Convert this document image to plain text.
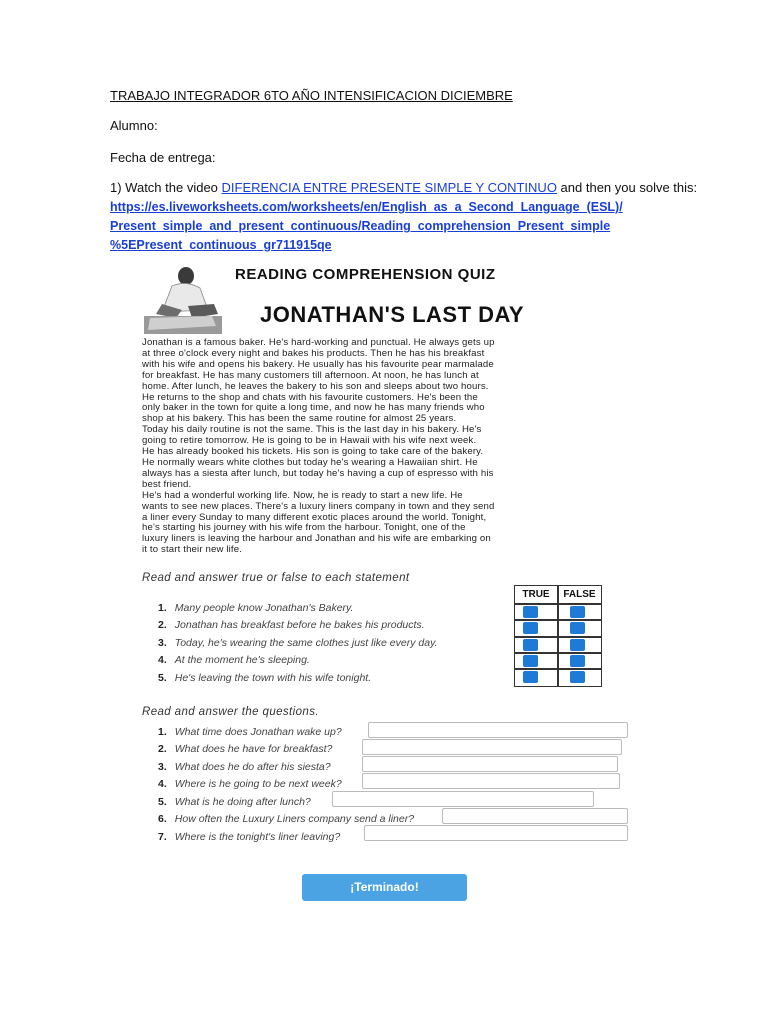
TRABAJO INTEGRADOR 6TO AÑO INTENSIFICACION DICIEMBRE
Alumno:
Fecha de entrega:
1) Watch the video DIFERENCIA ENTRE PRESENTE SIMPLE Y CONTINUO and then you solve this:
https://es.liveworksheets.com/worksheets/en/English_as_a_Second_Language_(ESL)/
Present_simple_and_present_continuous/Reading_comprehension_Present_simple
%5EPresent_continuous_gr711915qe
READING COMPREHENSION QUIZ
JONATHAN'S LAST DAY
Jonathan is a famous baker. He's hard-working and punctual. He always gets up
at three o'clock every night and bakes his products. Then he has his breakfast
with his wife and opens his bakery. He usually has his favourite pear marmalade
for breakfast. He has many customers till afternoon. At noon, he has lunch at
home. After lunch, he leaves the bakery to his son and sleeps about two hours.
He returns to the shop and chats with his favourite customers. He's been the
only baker in the town for quite a long time, and now he has many friends who
shop at his bakery. This has been the same routine for almost 25 years.
Today his daily routine is not the same. This is the last day in his bakery. He's
going to retire tomorrow. He is going to be in Hawaii with his wife next week.
He has already booked his tickets. His son is going to take care of the bakery.
He normally wears white clothes but today he's wearing a Hawaiian shirt. He
always has a siesta after lunch, but today he's having a cup of espresso with his
best friend.
He's had a wonderful working life. Now, he is ready to start a new life. He
wants to see new places. There's a luxury liners company in town and they send
a liner every Sunday to many different exotic places around the world. Tonight,
he's starting his journey with his wife from the harbour. Tonight, one of the
luxury liners is leaving the harbour and Jonathan and his wife are embarking on
it to start their new life.
Read and answer true or false to each statement
1. Many people know Jonathan's Bakery.
2. Jonathan has breakfast before he bakes his products.
3. Today, he's wearing the same clothes just like every day.
4. At the moment he's sleeping.
5. He's leaving the town with his wife tonight.
TRUE	FALSE
Read and answer the questions.
1. What time does Jonathan wake up?
2. What does he have for breakfast?
3. What does he do after his siesta?
4. Where is he going to be next week?
5. What is he doing after lunch?
6. How often the Luxury Liners company send a liner?
7. Where is the tonight's liner leaving?
¡Terminado!
